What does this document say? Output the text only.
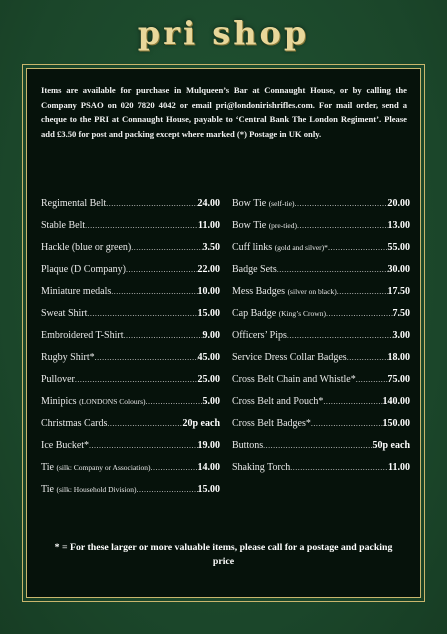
pri shop
Items are available for purchase in Mulqueen’s Bar at Connaught House, or by calling the Company PSAO on 020 7820 4042 or email pri@londonirishrifles.com. For mail order, send a cheque to the PRI at Connaught House, payable to ‘Central Bank The London Regiment’. Please add £3.50 for post and packing except where marked (*) Postage in UK only.
Regimental Belt .....	24.00
Stable Belt .....	11.00
Hackle (blue or green) .....	3.50
Plaque (D Company) .....	22.00
Miniature medals .....	10.00
Sweat Shirt .....	15.00
Embroidered T-Shirt .....	9.00
Rugby Shirt* .....	45.00
Pullover .....	25.00
Minipics (LONDONS Colours) .....	5.00
Christmas Cards .....	20p each
Ice Bucket* .....	19.00
Tie (silk: Company or Association) .....	14.00
Tie (silk: Household Division) .....	15.00
Bow Tie (self-tie) .....	20.00
Bow Tie (pre-tied) .....	13.00
Cuff links (gold and silver)* .....	55.00
Badge Sets .....	30.00
Mess Badges (silver on black) .....	17.50
Cap Badge (King’s Crown) .....	7.50
Officers’ Pips .....	3.00
Service Dress Collar Badges .....	18.00
Cross Belt Chain and Whistle* .....	75.00
Cross Belt and Pouch* .....	140.00
Cross Belt Badges* .....	150.00
Buttons .....	50p each
Shaking Torch .....	11.00
* = For these larger or more valuable items, please call for a postage and packing price
